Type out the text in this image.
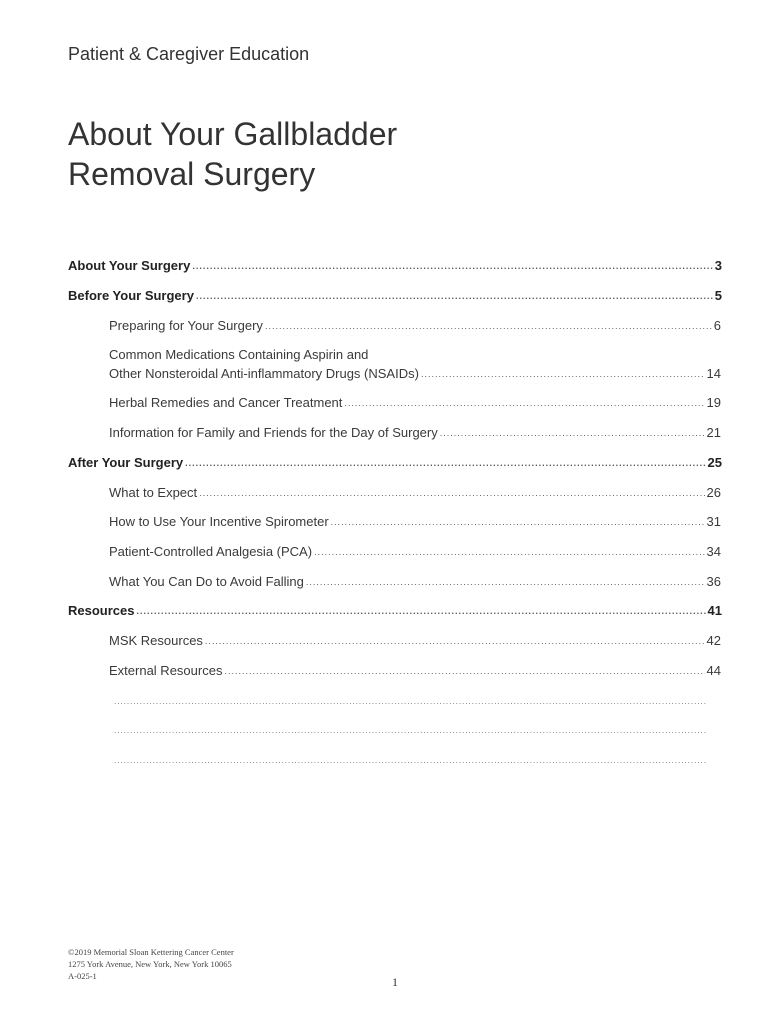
Patient & Caregiver Education
About Your Gallbladder
Removal Surgery
About Your Surgery .....	3
Before Your Surgery .....	5
Preparing for Your Surgery .....	6
Common Medications Containing Aspirin and
Other Nonsteroidal Anti-inflammatory Drugs (NSAIDs) .....	14
Herbal Remedies and Cancer Treatment .....	19
Information for Family and Friends for the Day of Surgery .....	21
After Your Surgery .....	25
What to Expect .....	26
How to Use Your Incentive Spirometer .....	31
Patient-Controlled Analgesia (PCA) .....	34
What You Can Do to Avoid Falling .....	36
Resources .....	41
MSK Resources .....	42
External Resources .....	44
.....
.....
.....
©2019 Memorial Sloan Kettering Cancer Center
1275 York Avenue, New York, New York 10065
A-025-1	1
